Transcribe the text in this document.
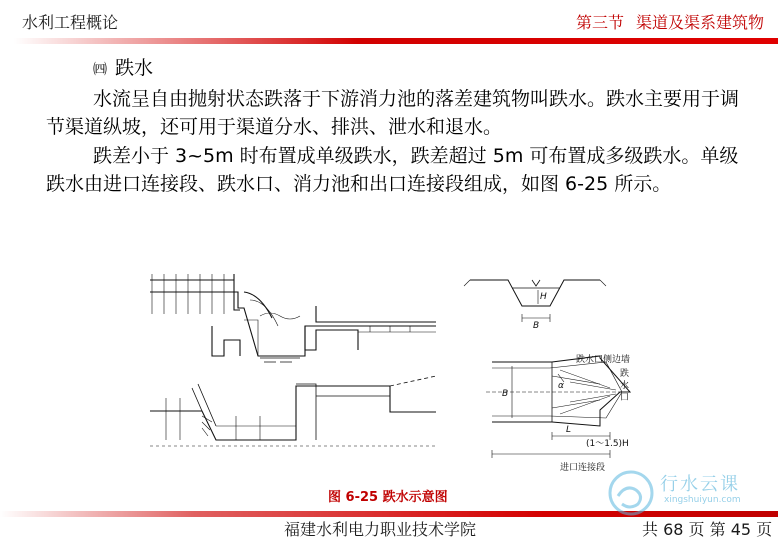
水利工程概论	第三节 渠道及渠系建筑物
㈣ 跌水

水流呈自由抛射状态跌落于下游消力池的落差建筑物叫跌水。跌水主要用于调节渠道纵坡，还可用于渠道分水、排洪、泄水和退水。

跌差小于 3~5m 时布置成单级跌水，跌差超过 5m 可布置成多级跌水。单级跌水由进口连接段、跌水口、消力池和出口连接段组成，如图 6-25 所示。

H
B
跌水口侧边墙
跌
水
口
B
α
L
(1～1.5)H
进口连接段
图 6-25 跌水示意图
福建水利电力职业技术学院	共 68 页 第 45 页
行水云课
xingshuiyun.com
